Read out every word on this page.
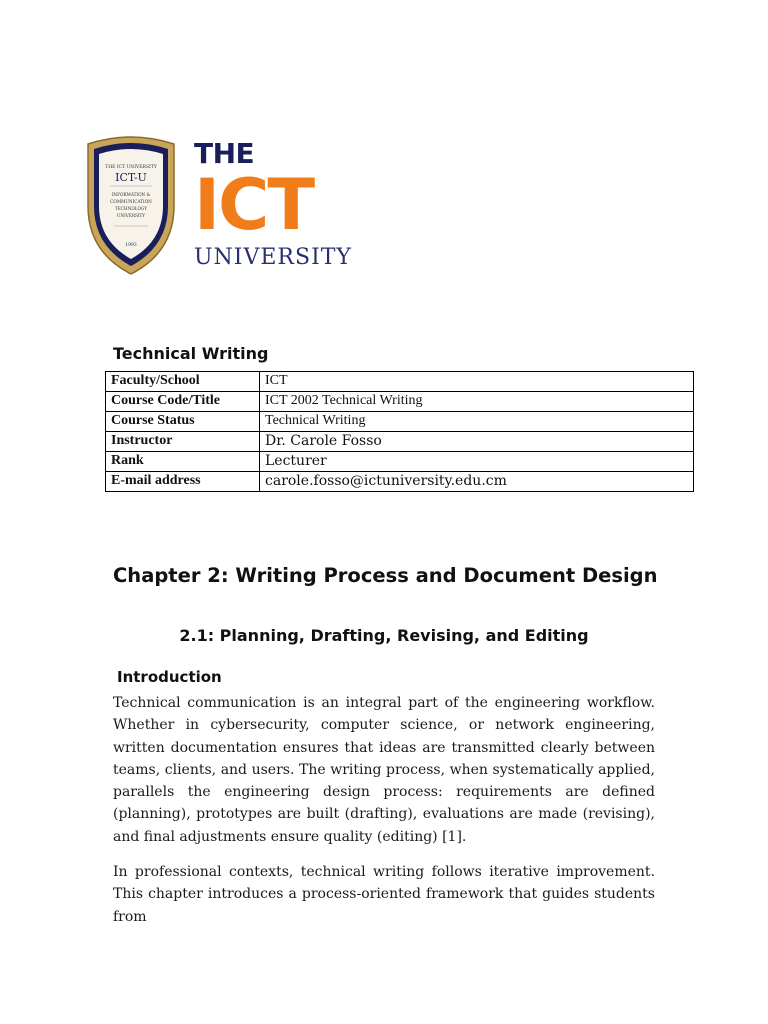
THE ICT UNIVERSITY
ICT-U
INFORMATION &
COMMUNICATION
TECHNOLOGY
UNIVERSITY
1993
THE
ICT
UNIVERSITY
Technical Writing
Faculty/School	ICT
Course Code/Title	ICT 2002 Technical Writing
Course Status	Technical Writing
Instructor	Dr. Carole Fosso
Rank	Lecturer
E-mail address	carole.fosso@ictuniversity.edu.cm
Chapter 2: Writing Process and Document Design
2.1: Planning, Drafting, Revising, and Editing
Introduction

Technical communication is an integral part of the engineering workflow. Whether in cybersecurity, computer science, or network engineering, written documentation ensures that ideas are transmitted clearly between teams, clients, and users. The writing process, when systematically applied, parallels the engineering design process: requirements are defined (planning), prototypes are built (drafting), evaluations are made (revising), and final adjustments ensure quality (editing) [1].

In professional contexts, technical writing follows iterative improvement. This chapter introduces a process-oriented framework that guides students from
